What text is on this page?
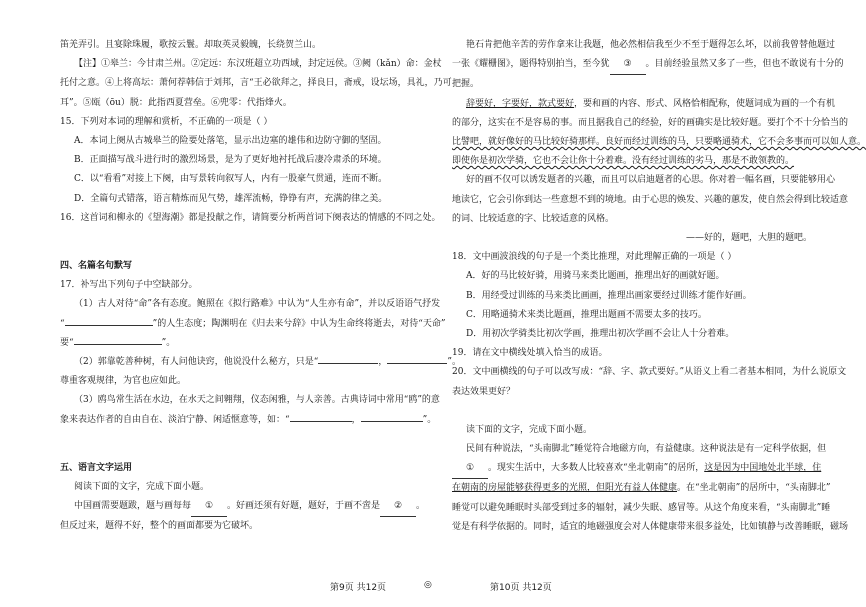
笛羌弄引。且宴除珠履，歌按云鬟。却取英灵毅魄，长绕贺兰山。

【注】①皋兰：今甘肃兰州。②定远：东汉班超立功西域，封定远侯。③阙（kǎn）命：金杖

托付之意。④上将高坛：萧何荐韩信于刘邦，言“王必欲拜之，择良日，斋戒，设坛场，具礼，乃可

耳”。⑤瓯（ōu）脱：此指西夏营垒。⑥兜零：代指烽火。

15．下列对本词的理解和赏析，不正确的一项是（ ）

A．本词上阕从古城皋兰的险要处落笔，显示出边塞的雄伟和边防守御的坚固。

B．正面描写战斗进行时的激烈场景，是为了更好地衬托战后凄冷肃杀的环境。

C．以“看看”对接上下阕，由写景转向叙写人，内有一股豪气贯通，连而不断。

D．全篇句式错落，语言精炼而见气势，雄浑流畅，铮铮有声，充满韵律之美。

16．这首词和柳永的《望海潮》都是投献之作，请简要分析两首词下阕表达的情感的不同之处。

四、名篇名句默写

17．补写出下列句子中空缺部分。

（1）古人对待“命”各有态度。鲍照在《拟行路难》中认为“人生亦有命”，并以反语语气抒发

“	”的人生态度；陶渊明在《归去来兮辞》中认为生命终将逝去，对待“天命”

要“	”。

（2）郭靠乾善种树，有人问他诀窍，他说没什么秘方，只是“	，	”。

尊重客观规律，为官也应如此。

（3）鸥鸟常生活在水边，在水天之间翱翔，仪态闲雅，与人亲善。古典诗词中常用“鸥”的意

象来表达作者的自由自在、淡泊宁静、闲适惬意等，如：“	，	”。

五、语言文字运用

阅读下面的文字，完成下面小题。

中国画需要题跋，题与画每每 ① 。好画还须有好题，题好，于画不啻是 ② 。

但反过来，题得不好，整个的画面都要为它破坏。

艳石肯把他辛苦的劳作拿来让我题，他必然相信我至少不至于题得怎么坏，以前我曾替他题过

一张《耀栅图》，题得特别拍当，至今犹 ③ 。目前经验虽然又多了一些，但也不敢说有十分的

把握。

辞要好，字要好，款式要好，要和画的内容、形式、风格恰相配称，使题词成为画的一个有机

的部分，这实在不是容易的事。而且据我自己的经验，好的画确实是比较好题。要打个不十分恰当的

比譬吧，就好像好的马比较好骑那样。良好而经过训练的马，只要略通骑术，它不会多事而可以如人意。

即使你是初次学骑，它也不会让你十分着难。没有经过训练的劣马，那是不敢领教的。

好的画不仅可以诱发题者的兴趣，而且可以启迪题者的心思。你对着一幅名画，只要能够用心

地读它，它会引你到达一些意想不到的境地。由于心思的焕发、兴趣的蕙发，使自然会得到比较适意

的词、比较适意的字、比较适意的风格。

——好的，题吧，大胆的题吧。

18．文中画波浪线的句子是一个类比推理，对此理解正确的一项是（ ）

A．好的马比较好骑，用骑马来类比题画，推理出好的画就好题。

B．用经受过训练的马来类比画画，推理出画家要经过训练才能作好画。

C．用略通骑术来类比题画，推理出题画不需要太多的技巧。

D．用初次学骑类比初次学画，推理出初次学画不会让人十分着难。

19．请在文中横线处填入恰当的成语。

20．文中画横线的句子可以改写成：“辞、字、款式要好。”从语义上看二者基本相同，为什么说原文

表达效果更好？

读下面的文字，完成下面小题。

民间有种说法，“头南脚北”睡觉符合地磁方向，有益健康。这种说法是有一定科学依据，但

① 。现实生活中，大多数人比较喜欢“坐北朝南”的居所，这是因为中国地处北半球，住

在朝南的房屋能够获得更多的光照，但阳光有益人体健康。在“坐北朝南”的居所中，“头南脚北”

睡觉可以避免睡眠时头部受到过多的辐射，减少失眠、感冒等。从这个角度来看，“头南脚北”睡

觉是有科学依据的。同时，适宜的地磁强度会对人体健康带来很多益处，比如镇静与改善睡眠，磁场

第9页 共12页	◎	第10页 共12页
